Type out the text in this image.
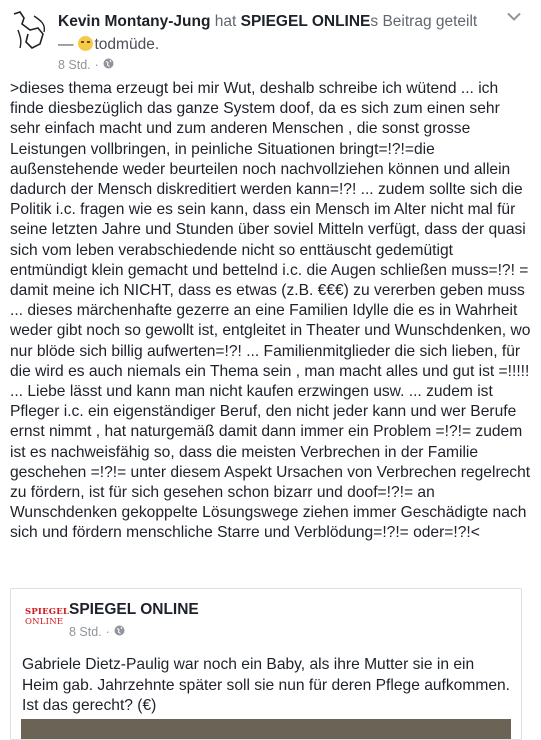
Kevin Montany-Jung hat SPIEGEL ONLINEs Beitrag geteilt
— todmüde.
8 Std. ·
>dieses thema erzeugt bei mir Wut, deshalb schreibe ich wütend ... ich finde diesbezüglich das ganze System doof, da es sich zum einen sehr sehr einfach macht und zum anderen Menschen , die sonst grosse Leistungen vollbringen, in peinliche Situationen bringt=!?!=die außenstehende weder beurteilen noch nachvollziehen können und allein dadurch der Mensch diskreditiert werden kann=!?! ... zudem sollte sich die Politik i.c. fragen wie es sein kann, dass ein Mensch im Alter nicht mal für seine letzten Jahre und Stunden über soviel Mitteln verfügt, dass der quasi sich vom leben verabschiedende nicht so enttäuscht gedemütigt entmündigt klein gemacht und bettelnd i.c. die Augen schließen muss=!?! = damit meine ich NICHT, dass es etwas (z.B. €€€) zu vererben geben muss ... dieses märchenhafte gezerre an eine Familien Idylle die es in Wahrheit weder gibt noch so gewollt ist, entgleitet in Theater und Wunschdenken, wo nur blöde sich billig aufwerten=!?! ... Familienmitglieder die sich lieben, für die wird es auch niemals ein Thema sein , man macht alles und gut ist =!!!!! ... Liebe lässt und kann man nicht kaufen erzwingen usw. ... zudem ist Pfleger i.c. ein eigenständiger Beruf, den nicht jeder kann und wer Berufe ernst nimmt , hat naturgemäß damit dann immer ein Problem =!?!= zudem ist es nachweisfähig so, dass die meisten Verbrechen in der Familie geschehen =!?!= unter diesem Aspekt Ursachen von Verbrechen regelrecht zu fördern, ist für sich gesehen schon bizarr und doof=!?!= an Wunschdenken gekoppelte Lösungswege ziehen immer Geschädigte nach sich und fördern menschliche Starre und Verblödung=!?!= oder=!?!<
SPIEGEL
ONLINE
SPIEGEL ONLINE
8 Std. ·
Gabriele Dietz-Paulig war noch ein Baby, als ihre Mutter sie in ein Heim gab. Jahrzehnte später soll sie nun für deren Pflege aufkommen. Ist das gerecht? (€)
